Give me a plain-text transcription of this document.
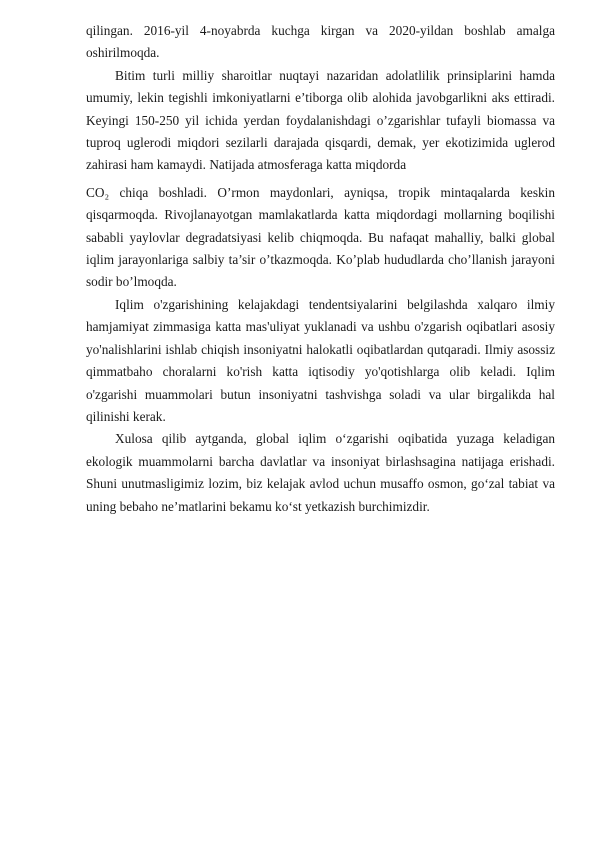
qilingan. 2016-yil 4-noyabrda kuchga kirgan va 2020-yildan boshlab amalga oshirilmoqda.

Bitim turli milliy sharoitlar nuqtayi nazaridan adolatlilik prinsiplarini hamda umumiy, lekin tegishli imkoniyatlarni e’tiborga olib alohida javobgarlikni aks ettiradi. Keyingi 150-250 yil ichida yerdan foydalanishdagi o’zgarishlar tufayli biomassa va tuproq uglerodi miqdori sezilarli darajada qisqardi, demak, yer ekotizimida uglerod zahirasi ham kamaydi. Natijada atmosferaga katta miqdorda

CO₂ chiqa boshladi. O’rmon maydonlari, ayniqsa, tropik mintaqalarda keskin qisqarmoqda. Rivojlanayotgan mamlakatlarda katta miqdordagi mollarning boqilishi sababli yaylovlar degradatsiyasi kelib chiqmoqda. Bu nafaqat mahalliy, balki global iqlim jarayonlariga salbiy ta’sir o’tkazmoqda. Ko’plab hududlarda cho’llanish jarayoni sodir bo’lmoqda.

Iqlim o'zgarishining kelajakdagi tendentsiyalarini belgilashda xalqaro ilmiy hamjamiyat zimmasiga katta mas'uliyat yuklanadi va ushbu o'zgarish oqibatlari asosiy yo'nalishlarini ishlab chiqish insoniyatni halokatli oqibatlardan qutqaradi. Ilmiy asossiz qimmatbaho choralarni ko'rish katta iqtisodiy yo'qotishlarga olib keladi. Iqlim o'zgarishi muammolari butun insoniyatni tashvishga soladi va ular birgalikda hal qilinishi kerak.

Xulosa qilib aytganda, global iqlim o‘zgarishi oqibatida yuzaga keladigan ekologik muammolarni barcha davlatlar va insoniyat birlashsagina natijaga erishadi. Shuni unutmasligimiz lozim, biz kelajak avlod uchun musaffo osmon, go‘zal tabiat va uning bebaho ne’matlarini bekamu ko‘st yetkazish burchimizdir.
